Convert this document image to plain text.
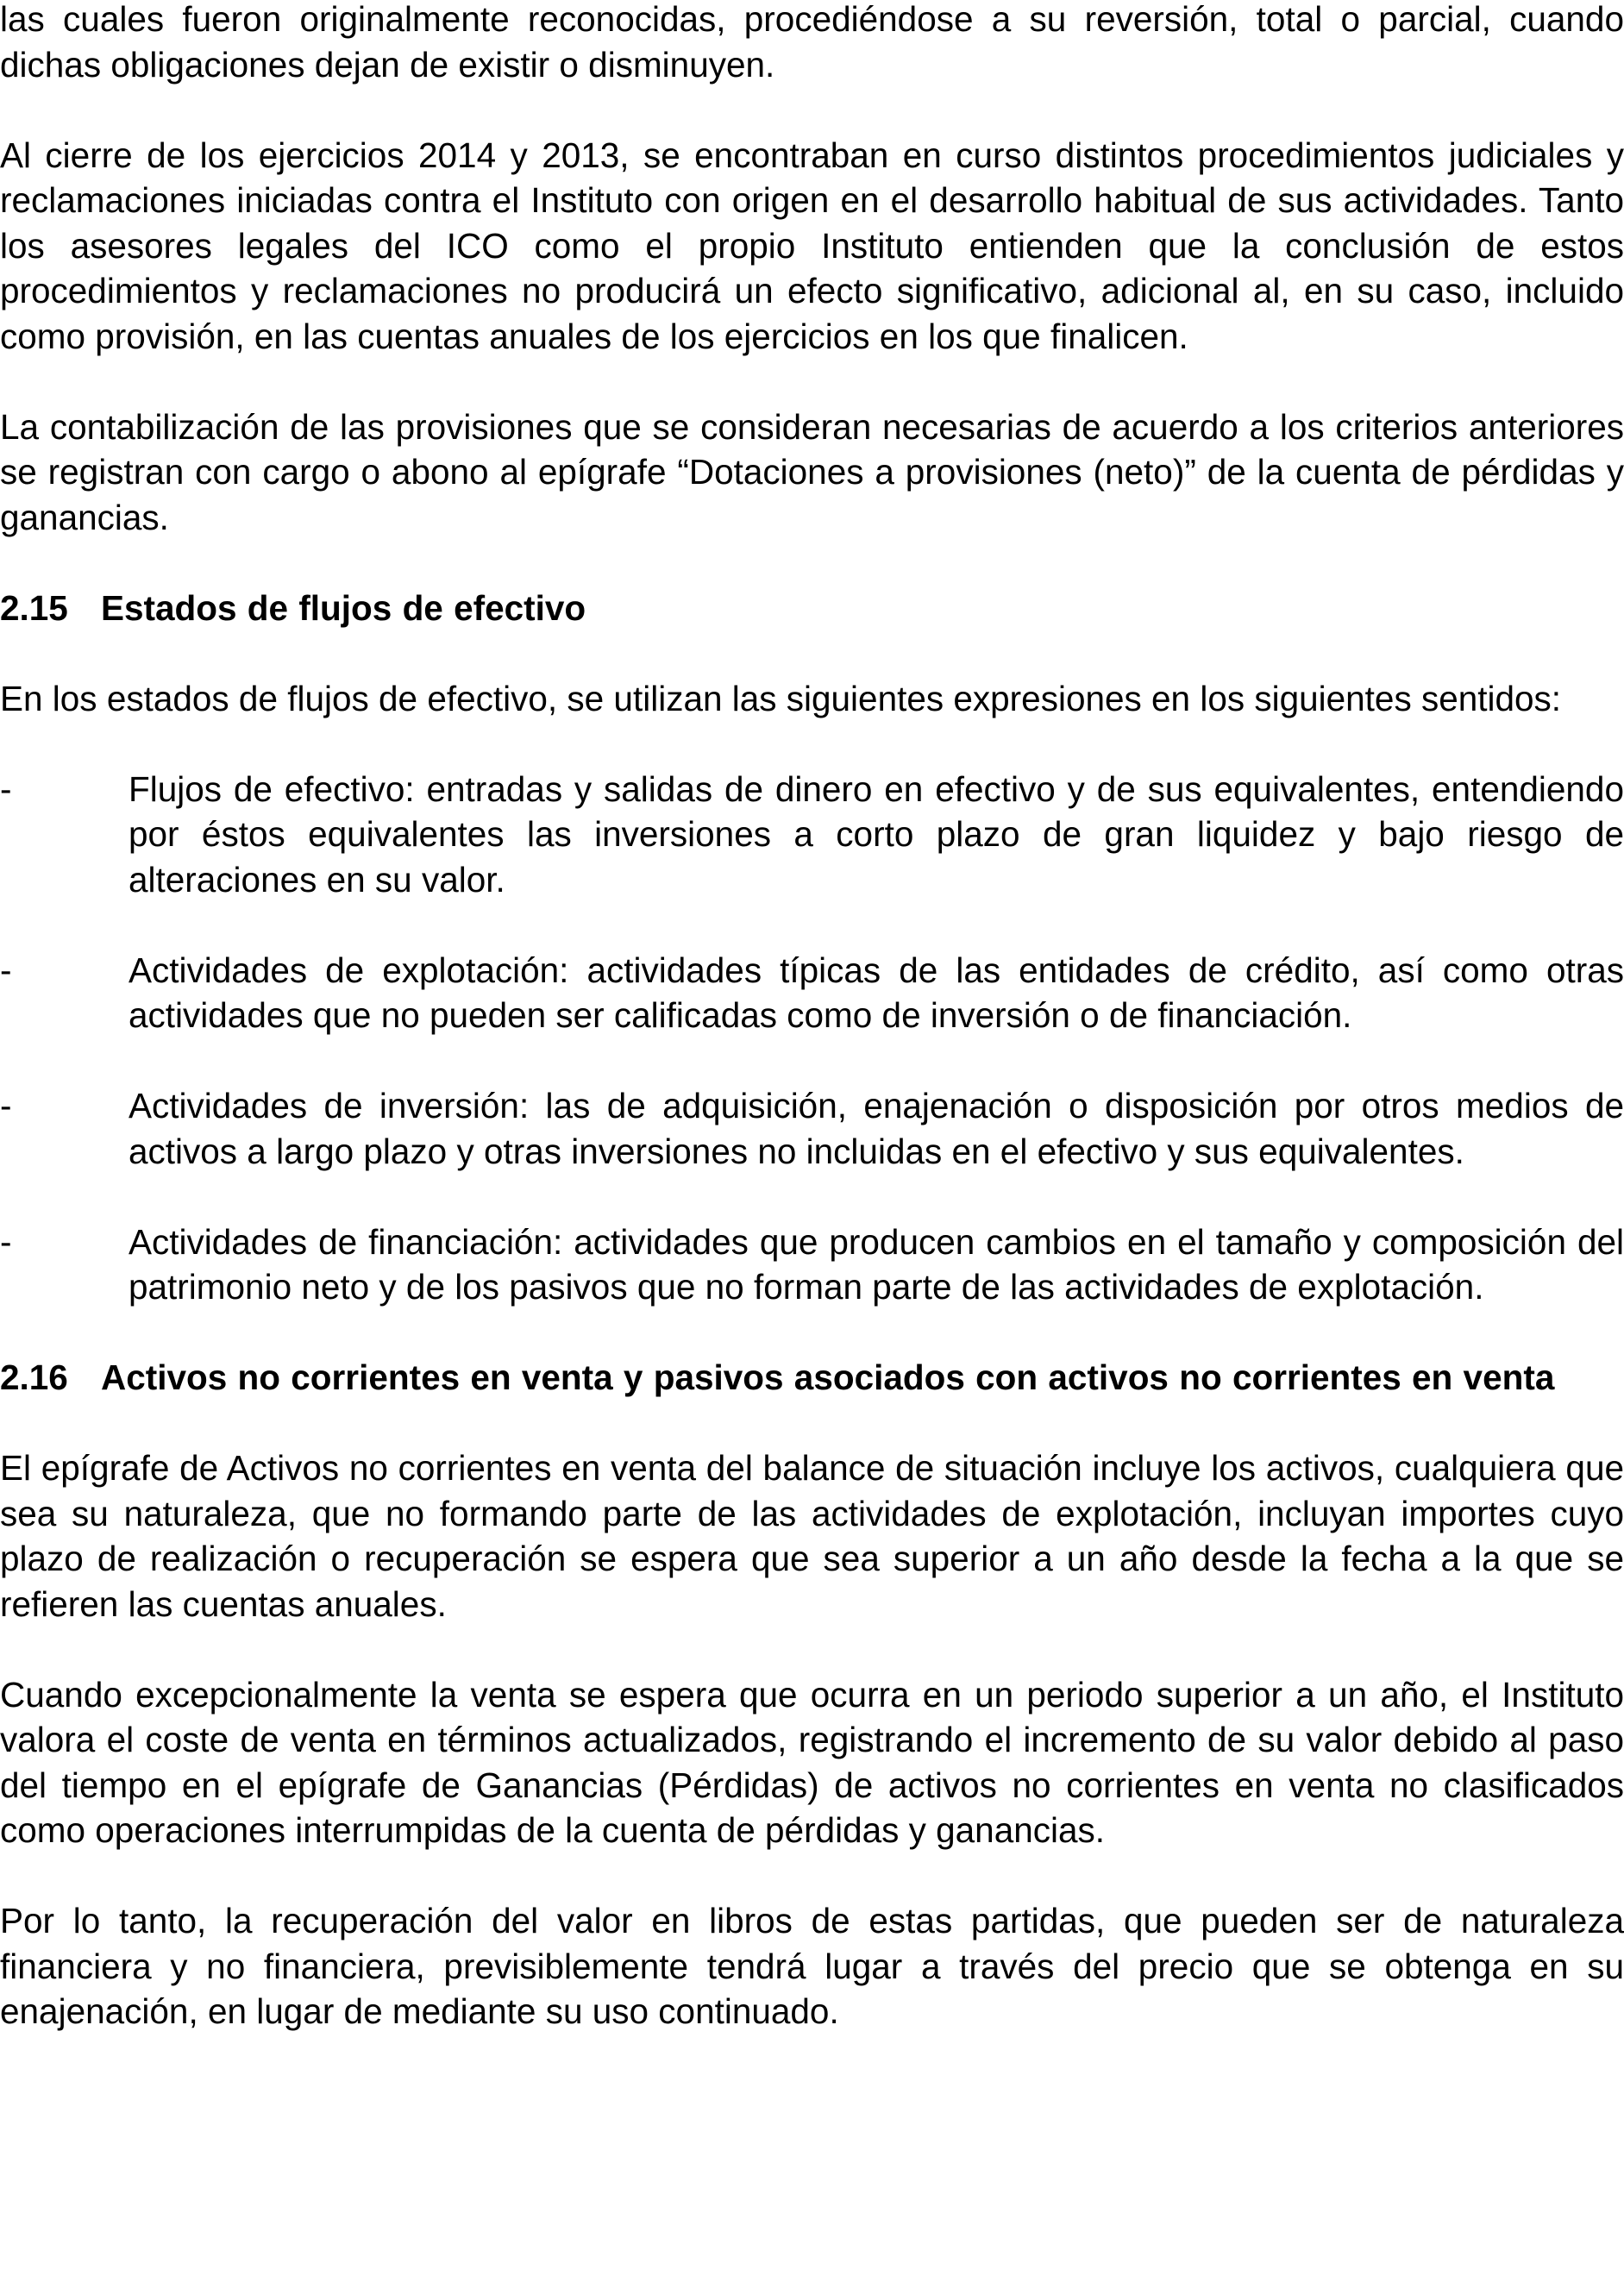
las cuales fueron originalmente reconocidas, procediéndose a su reversión, total o parcial, cuando dichas obligaciones dejan de existir o disminuyen.

Al cierre de los ejercicios 2014 y 2013, se encontraban en curso distintos procedimientos judiciales y reclamaciones iniciadas contra el Instituto con origen en el desarrollo habitual de sus actividades. Tanto los asesores legales del ICO como el propio Instituto entienden que la conclusión de estos procedimientos y reclamaciones no producirá un efecto significativo, adicional al, en su caso, incluido como provisión, en las cuentas anuales de los ejercicios en los que finalicen.

La contabilización de las provisiones que se consideran necesarias de acuerdo a los criterios anteriores se registran con cargo o abono al epígrafe “Dotaciones a provisiones (neto)” de la cuenta de pérdidas y ganancias.

2.15 Estados de flujos de efectivo

En los estados de flujos de efectivo, se utilizan las siguientes expresiones en los siguientes sentidos:

-	Flujos de efectivo: entradas y salidas de dinero en efectivo y de sus equivalentes, entendiendo por éstos equivalentes las inversiones a corto plazo de gran liquidez y bajo riesgo de alteraciones en su valor.
-	Actividades de explotación: actividades típicas de las entidades de crédito, así como otras actividades que no pueden ser calificadas como de inversión o de financiación.
-	Actividades de inversión: las de adquisición, enajenación o disposición por otros medios de activos a largo plazo y otras inversiones no incluidas en el efectivo y sus equivalentes.
-	Actividades de financiación: actividades que producen cambios en el tamaño y composición del patrimonio neto y de los pasivos que no forman parte de las actividades de explotación.
2.16 Activos no corrientes en venta y pasivos asociados con activos no corrientes en venta

El epígrafe de Activos no corrientes en venta del balance de situación incluye los activos, cualquiera que sea su naturaleza, que no formando parte de las actividades de explotación, incluyan importes cuyo plazo de realización o recuperación se espera que sea superior a un año desde la fecha a la que se refieren las cuentas anuales.

Cuando excepcionalmente la venta se espera que ocurra en un periodo superior a un año, el Instituto valora el coste de venta en términos actualizados, registrando el incremento de su valor debido al paso del tiempo en el epígrafe de Ganancias (Pérdidas) de activos no corrientes en venta no clasificados como operaciones interrumpidas de la cuenta de pérdidas y ganancias.

Por lo tanto, la recuperación del valor en libros de estas partidas, que pueden ser de naturaleza financiera y no financiera, previsiblemente tendrá lugar a través del precio que se obtenga en su enajenación, en lugar de mediante su uso continuado.
